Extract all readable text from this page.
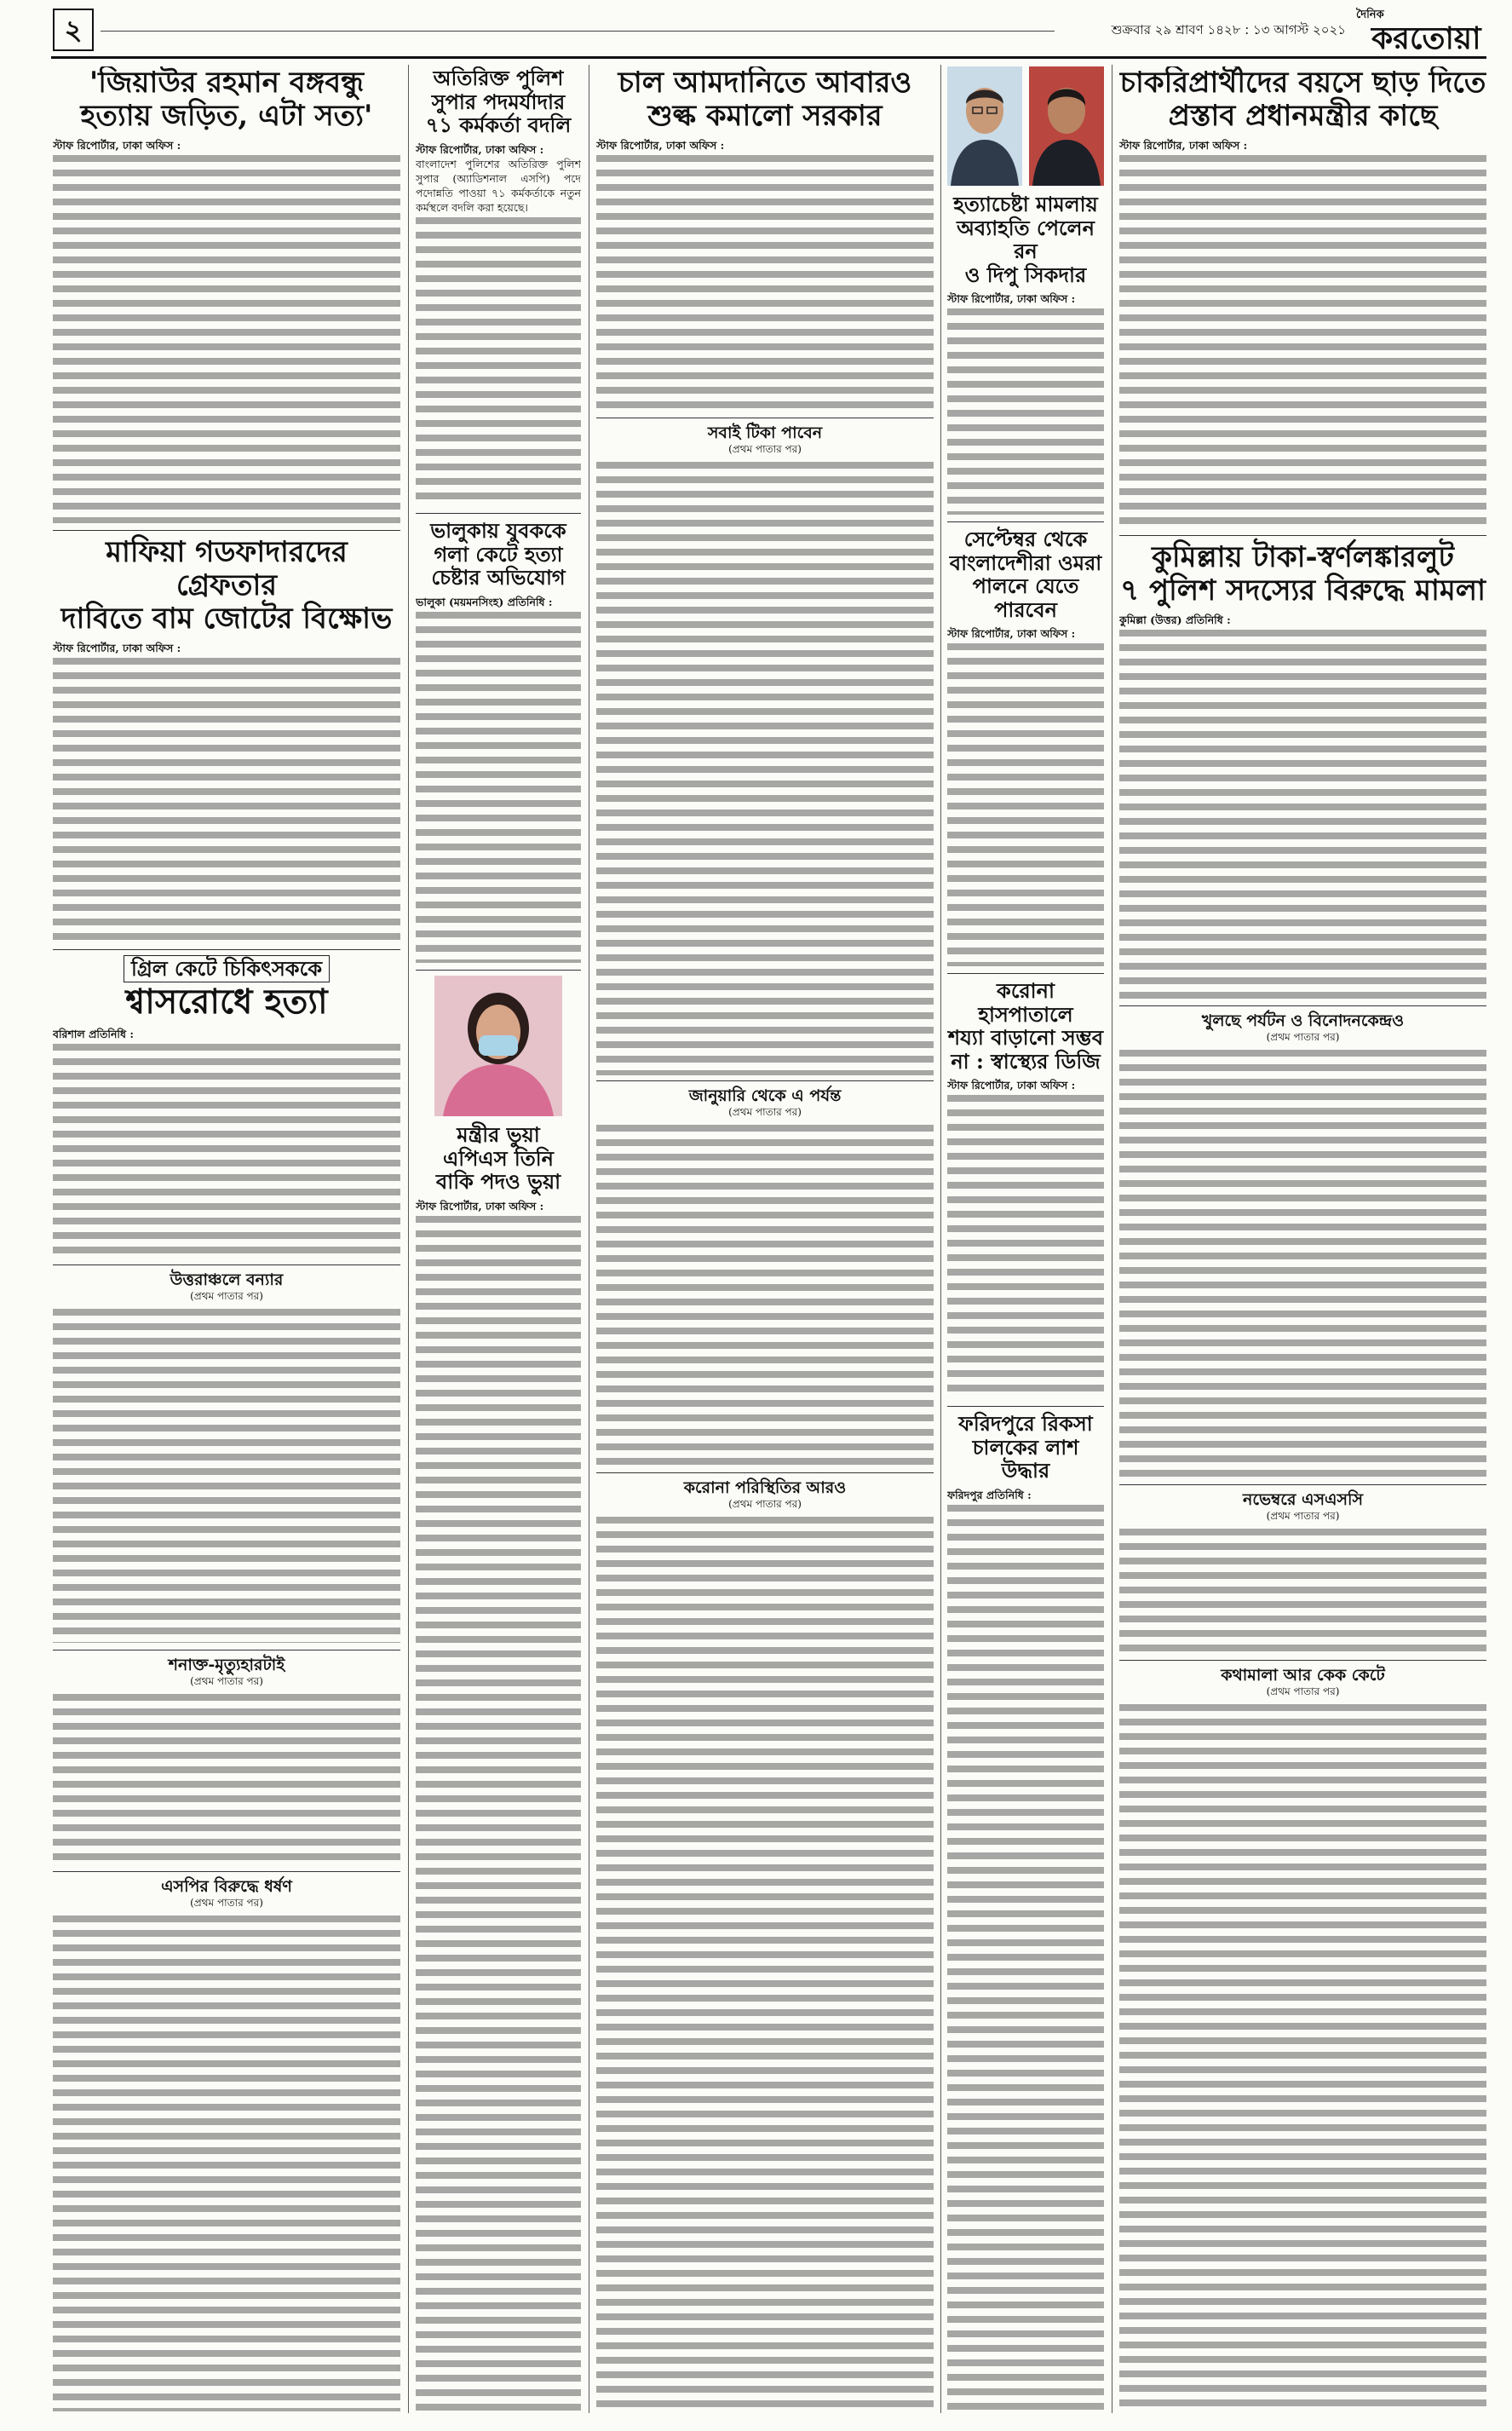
২	শুক্রবার ২৯ শ্রাবণ ১৪২৮ : ১৩ আগস্ট ২০২১
দৈনিক
করতোয়া
'জিয়াউর রহমান বঙ্গবন্ধু
হত্যায় জড়িত, এটা সত্য'
স্টাফ রিপোর্টার, ঢাকা অফিস :
মাফিয়া গডফাদারদের গ্রেফতার
দাবিতে বাম জোটের বিক্ষোভ
স্টাফ রিপোর্টার, ঢাকা অফিস :
গ্রিল কেটে চিকিৎসককে
শ্বাসরোধে হত্যা
বরিশাল প্রতিনিধি :
উত্তরাঞ্চলে বন্যার
(প্রথম পাতার পর)
শনাক্ত-মৃত্যুহারটাই
(প্রথম পাতার পর)
এসপির বিরুদ্ধে ধর্ষণ
(প্রথম পাতার পর)
অতিরিক্ত পুলিশ
সুপার পদমর্যাদার
৭১ কর্মকর্তা বদলি
স্টাফ রিপোর্টার, ঢাকা অফিস :
বাংলাদেশ পুলিশের অতিরিক্ত পুলিশ সুপার (অ্যাডিশনাল এসপি) পদে পদোন্নতি পাওয়া ৭১ কর্মকর্তাকে নতুন কর্মস্থলে বদলি করা হয়েছে।
ভালুকায় যুবককে
গলা কেটে হত্যা
চেষ্টার অভিযোগ
ভালুকা (ময়মনসিংহ) প্রতিনিধি :
মন্ত্রীর ভুয়া
এপিএস তিনি
বাকি পদও ভুয়া
স্টাফ রিপোর্টার, ঢাকা অফিস :
চাল আমদানিতে আবারও
শুল্ক কমালো সরকার
স্টাফ রিপোর্টার, ঢাকা অফিস :
সবাই টিকা পাবেন
(প্রথম পাতার পর)
জানুয়ারি থেকে এ পর্যন্ত
(প্রথম পাতার পর)
করোনা পরিস্থিতির আরও
(প্রথম পাতার পর)
হত্যাচেষ্টা মামলায়
অব্যাহতি পেলেন রন
ও দিপু সিকদার
স্টাফ রিপোর্টার, ঢাকা অফিস :
সেপ্টেম্বর থেকে
বাংলাদেশীরা ওমরা
পালনে যেতে পারবেন
স্টাফ রিপোর্টার, ঢাকা অফিস :
করোনা হাসপাতালে
শয্যা বাড়ানো সম্ভব
না : স্বাস্থ্যের ডিজি
স্টাফ রিপোর্টার, ঢাকা অফিস :
ফরিদপুরে রিকসা
চালকের লাশ
উদ্ধার
ফরিদপুর প্রতিনিধি :
চাকরিপ্রার্থীদের বয়সে ছাড় দিতে
প্রস্তাব প্রধানমন্ত্রীর কাছে
স্টাফ রিপোর্টার, ঢাকা অফিস :
কুমিল্লায় টাকা-স্বর্ণলঙ্কারলুট
৭ পুলিশ সদস্যের বিরুদ্ধে মামলা
কুমিল্লা (উত্তর) প্রতিনিধি :
খুলছে পর্যটন ও বিনোদনকেন্দ্রও
(প্রথম পাতার পর)
নভেম্বরে এসএসসি
(প্রথম পাতার পর)
কথামালা আর কেক কেটে
(প্রথম পাতার পর)
